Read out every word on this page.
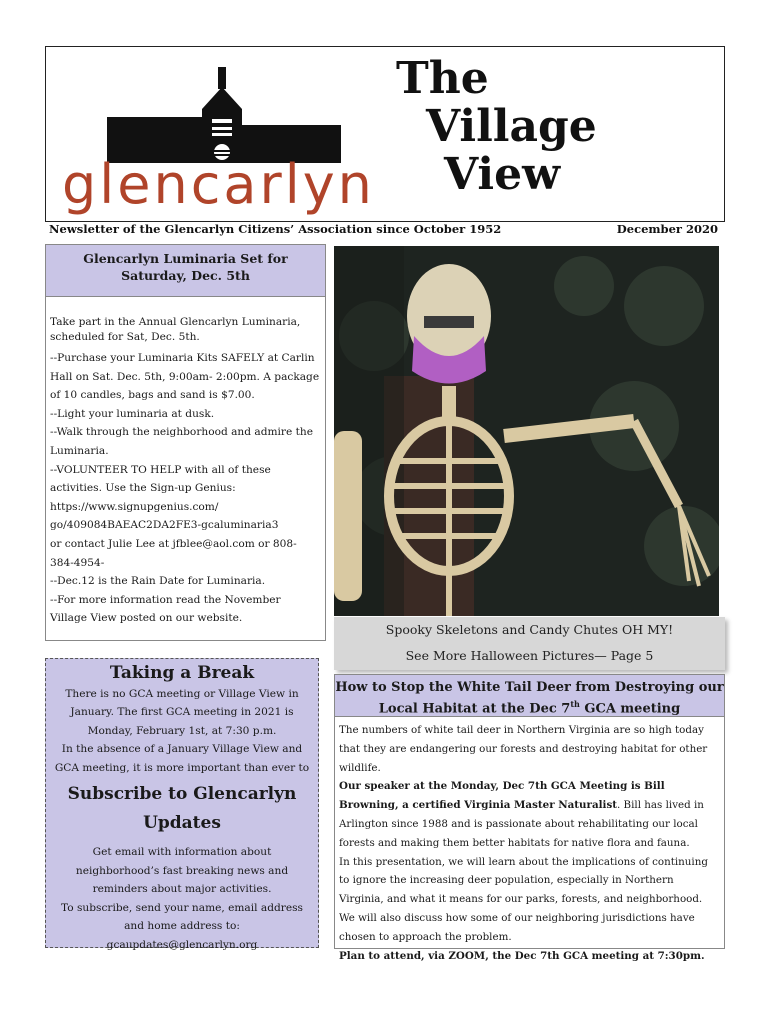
glencarlyn
The
Village
View
Newsletter of the Glencarlyn Citizens’ Association since October 1952	December 2020
Glencarlyn Luminaria Set for Saturday, Dec. 5th

Take part in the Annual Glencarlyn Luminaria, scheduled for Sat, Dec. 5th.

--Purchase your Luminaria Kits SAFELY at Carlin Hall on Sat. Dec. 5th, 9:00am- 2:00pm. A package of 10 candles, bags and sand is $7.00.

--Light your luminaria at dusk.

--Walk through the neighborhood and admire the Luminaria.

--VOLUNTEER TO HELP with all of these activities. Use the Sign-up Genius:

https://www.signupgenius.com/ go/409084BAEAC2DA2FE3-gcaluminaria3

or contact Julie Lee at jfblee@aol.com or 808-384-4954-

--Dec.12 is the Rain Date for Luminaria.

--For more information read the November Village View posted on our website.

Spooky Skeletons and Candy Chutes OH MY!
See More Halloween Pictures— Page 5
Taking a Break
There is no GCA meeting or Village View in January. The first GCA meeting in 2021 is Monday, February 1st, at 7:30 p.m.
In the absence of a January Village View and GCA meeting, it is more important than ever to
Subscribe to Glencarlyn Updates
Get email with information about neighborhood’s fast breaking news and reminders about major activities.
To subscribe, send your name, email address and home address to: gcaupdates@glencarlyn.org
How to Stop the White Tail Deer from Destroying our Local Habitat at the Dec 7th GCA meeting

The numbers of white tail deer in Northern Virginia are so high today that they are endangering our forests and destroying habitat for other wildlife.

Our speaker at the Monday, Dec 7th GCA Meeting is Bill Browning, a certified Virginia Master Naturalist. Bill has lived in Arlington since 1988 and is passionate about rehabilitating our local forests and making them better habitats for native flora and fauna.

In this presentation, we will learn about the implications of continuing to ignore the increasing deer population, especially in Northern Virginia, and what it means for our parks, forests, and neighborhood. We will also discuss how some of our neighboring jurisdictions have chosen to approach the problem.

Plan to attend, via ZOOM, the Dec 7th GCA meeting at 7:30pm.
